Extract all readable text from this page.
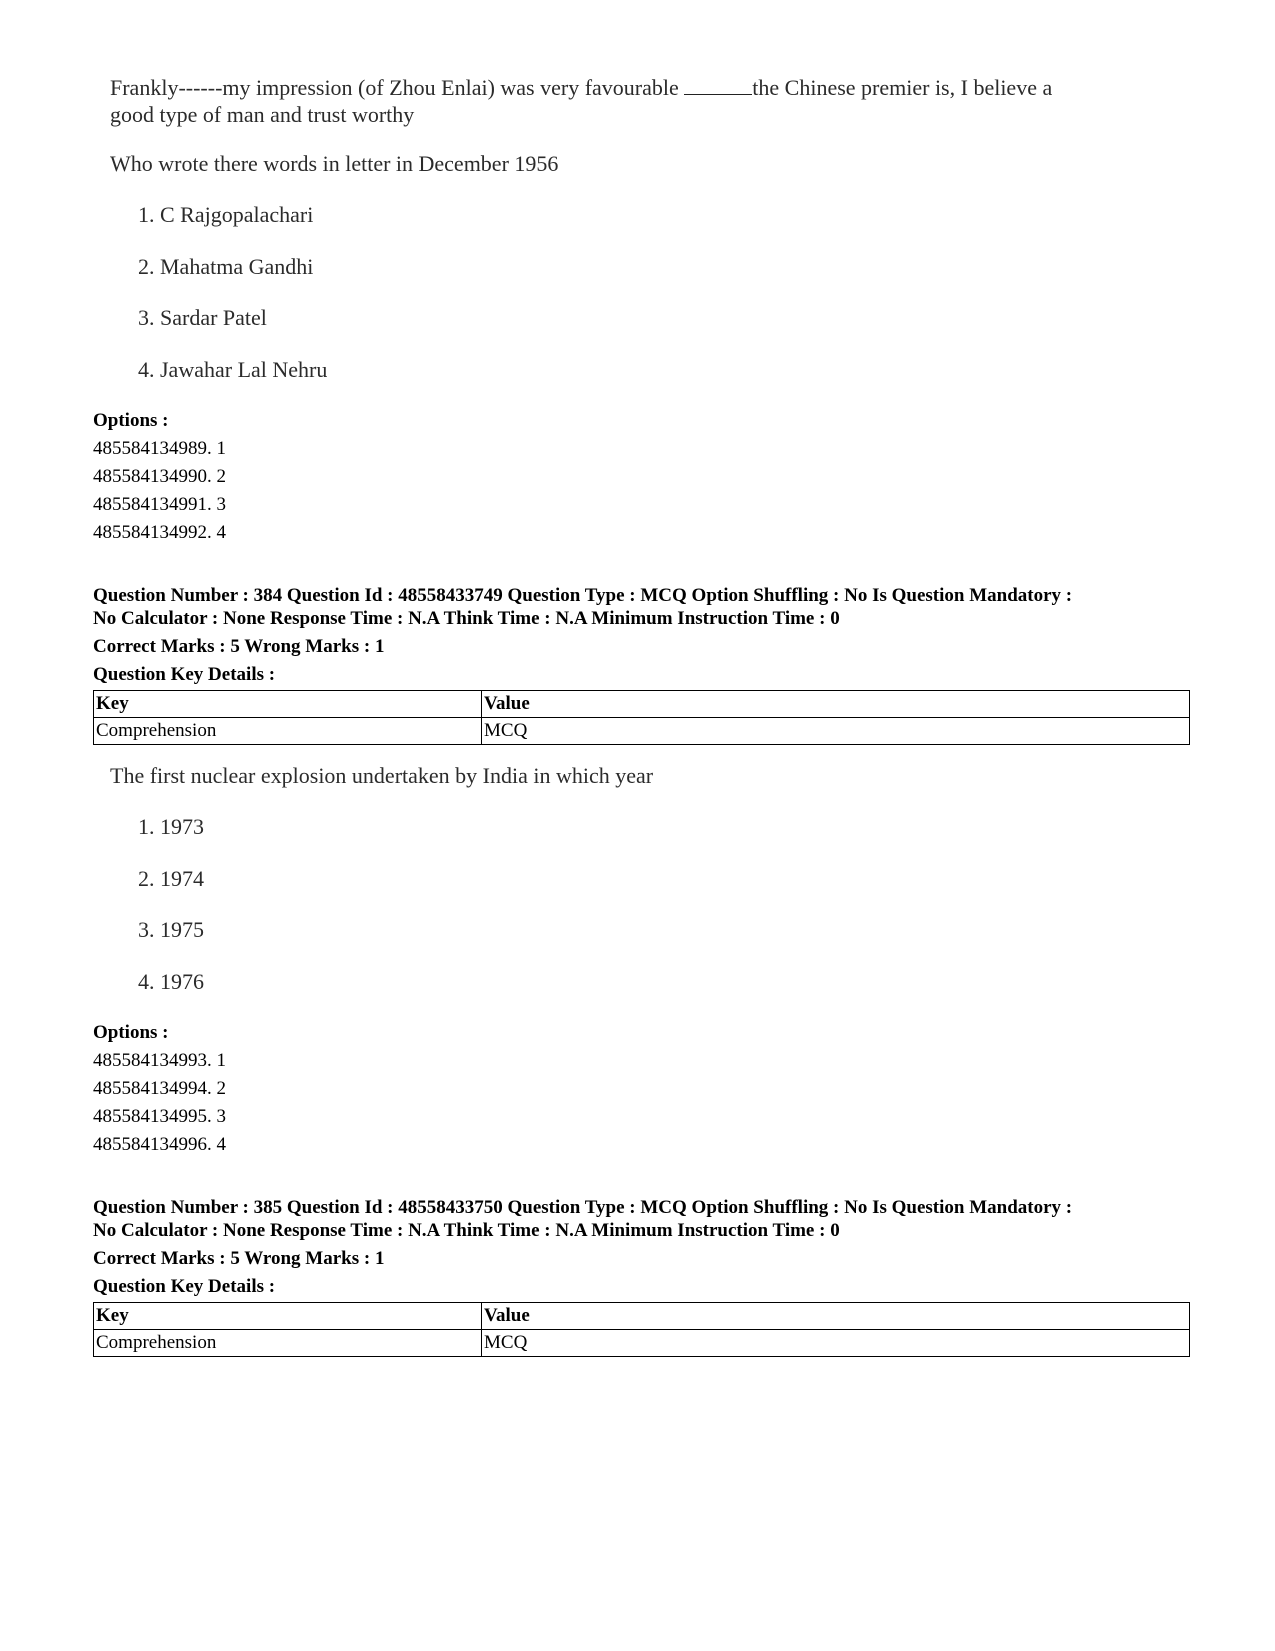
Frankly------my impression (of Zhou Enlai) was very favourable	the Chinese premier is, I believe a

good type of man and trust worthy

Who wrote there words in letter in December 1956

1. C Rajgopalachari

2. Mahatma Gandhi

3. Sardar Patel

4. Jawahar Lal Nehru

Options :

485584134989. 1

485584134990. 2

485584134991. 3

485584134992. 4

Question Number : 384 Question Id : 48558433749 Question Type : MCQ Option Shuffling : No Is Question Mandatory :

No Calculator : None Response Time : N.A Think Time : N.A Minimum Instruction Time : 0

Correct Marks : 5 Wrong Marks : 1

Question Key Details :

Key	Value
Comprehension	MCQ

The first nuclear explosion undertaken by India in which year

1. 1973

2. 1974

3. 1975

4. 1976

Options :

485584134993. 1

485584134994. 2

485584134995. 3

485584134996. 4

Question Number : 385 Question Id : 48558433750 Question Type : MCQ Option Shuffling : No Is Question Mandatory :

No Calculator : None Response Time : N.A Think Time : N.A Minimum Instruction Time : 0

Correct Marks : 5 Wrong Marks : 1

Question Key Details :

Key	Value
Comprehension	MCQ
